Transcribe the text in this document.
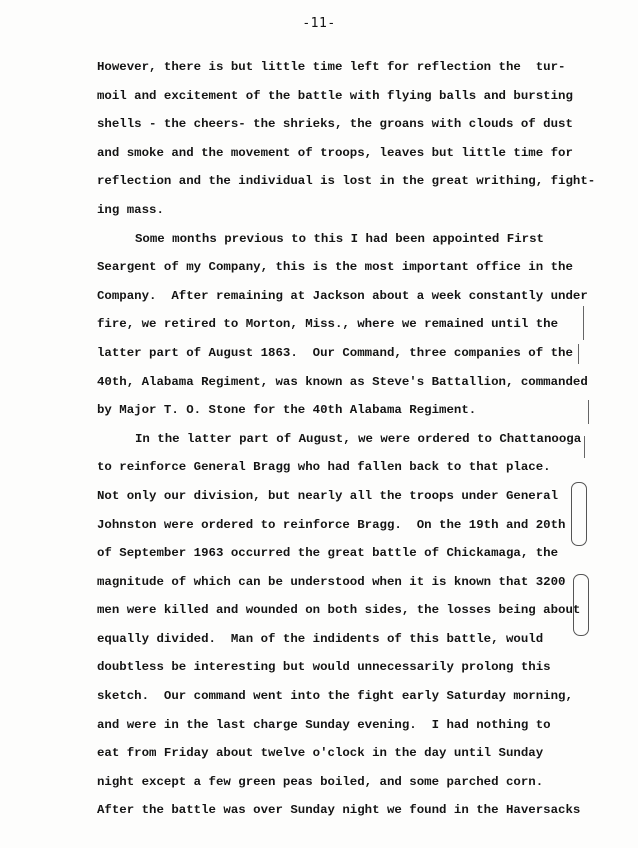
-11-
However, there is but little time left for reflection the  tur-
moil and excitement of the battle with flying balls and bursting
shells - the cheers- the shrieks, the groans with clouds of dust
and smoke and the movement of troops, leaves but little time for
reflection and the individual is lost in the great writhing, fight-
ing mass.
Some months previous to this I had been appointed First
Seargent of my Company, this is the most important office in the
Company.  After remaining at Jackson about a week constantly under
fire, we retired to Morton, Miss., where we remained until the
latter part of August 1863.  Our Command, three companies of the
40th, Alabama Regiment, was known as Steve's Battallion, commanded
by Major T. O. Stone for the 40th Alabama Regiment.
In the latter part of August, we were ordered to Chattanooga
to reinforce General Bragg who had fallen back to that place.
Not only our division, but nearly all the troops under General
Johnston were ordered to reinforce Bragg.  On the 19th and 20th
of September 1963 occurred the great battle of Chickamaga, the
magnitude of which can be understood when it is known that 3200
men were killed and wounded on both sides, the losses being about
equally divided.  Man of the indidents of this battle, would
doubtless be interesting but would unnecessarily prolong this
sketch.  Our command went into the fight early Saturday morning,
and were in the last charge Sunday evening.  I had nothing to
eat from Friday about twelve o'clock in the day until Sunday
night except a few green peas boiled, and some parched corn.
After the battle was over Sunday night we found in the Haversacks
